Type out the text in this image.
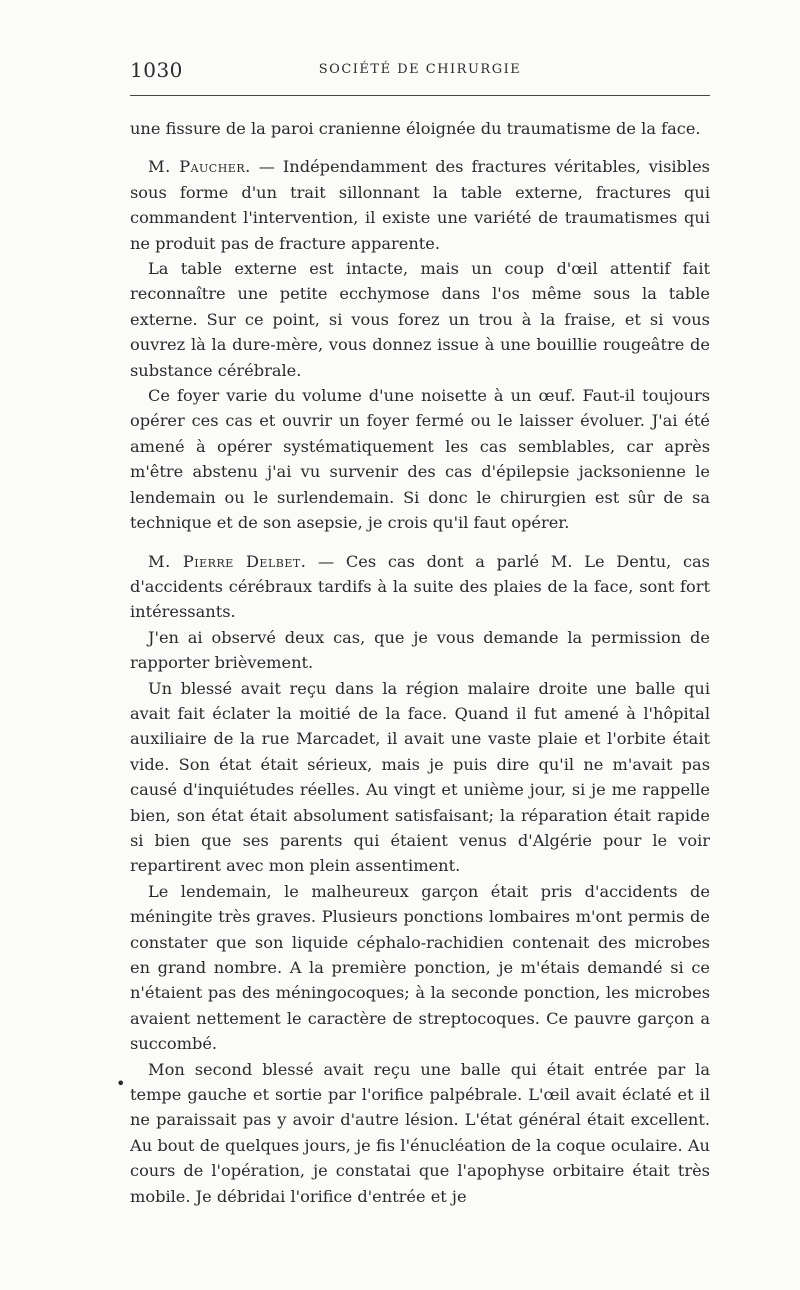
1030	SOCIÉTÉ DE CHIRURGIE
•

une fissure de la paroi cranienne éloignée du traumatisme de la face.

M. Paucher. — Indépendamment des fractures véritables, visibles sous forme d'un trait sillonnant la table externe, fractures qui commandent l'intervention, il existe une variété de traumatismes qui ne produit pas de fracture apparente.

La table externe est intacte, mais un coup d'œil attentif fait reconnaître une petite ecchymose dans l'os même sous la table externe. Sur ce point, si vous forez un trou à la fraise, et si vous ouvrez là la dure-mère, vous donnez issue à une bouillie rougeâtre de substance cérébrale.

Ce foyer varie du volume d'une noisette à un œuf. Faut-il toujours opérer ces cas et ouvrir un foyer fermé ou le laisser évoluer. J'ai été amené à opérer systématiquement les cas semblables, car après m'être abstenu j'ai vu survenir des cas d'épilepsie jacksonienne le lendemain ou le surlendemain. Si donc le chirurgien est sûr de sa technique et de son asepsie, je crois qu'il faut opérer.

M. Pierre Delbet. — Ces cas dont a parlé M. Le Dentu, cas d'accidents cérébraux tardifs à la suite des plaies de la face, sont fort intéressants.

J'en ai observé deux cas, que je vous demande la permission de rapporter brièvement.

Un blessé avait reçu dans la région malaire droite une balle qui avait fait éclater la moitié de la face. Quand il fut amené à l'hôpital auxiliaire de la rue Marcadet, il avait une vaste plaie et l'orbite était vide. Son état était sérieux, mais je puis dire qu'il ne m'avait pas causé d'inquiétudes réelles. Au vingt et unième jour, si je me rappelle bien, son état était absolument satisfaisant; la réparation était rapide si bien que ses parents qui étaient venus d'Algérie pour le voir repartirent avec mon plein assentiment.

Le lendemain, le malheureux garçon était pris d'accidents de méningite très graves. Plusieurs ponctions lombaires m'ont permis de constater que son liquide céphalo-rachidien contenait des microbes en grand nombre. A la première ponction, je m'étais demandé si ce n'étaient pas des méningocoques; à la seconde ponction, les microbes avaient nettement le caractère de streptocoques. Ce pauvre garçon a succombé.

Mon second blessé avait reçu une balle qui était entrée par la tempe gauche et sortie par l'orifice palpébrale. L'œil avait éclaté et il ne paraissait pas y avoir d'autre lésion. L'état général était excellent. Au bout de quelques jours, je fis l'énucléation de la coque oculaire. Au cours de l'opération, je constatai que l'apophyse orbitaire était très mobile. Je débridai l'orifice d'entrée et je
